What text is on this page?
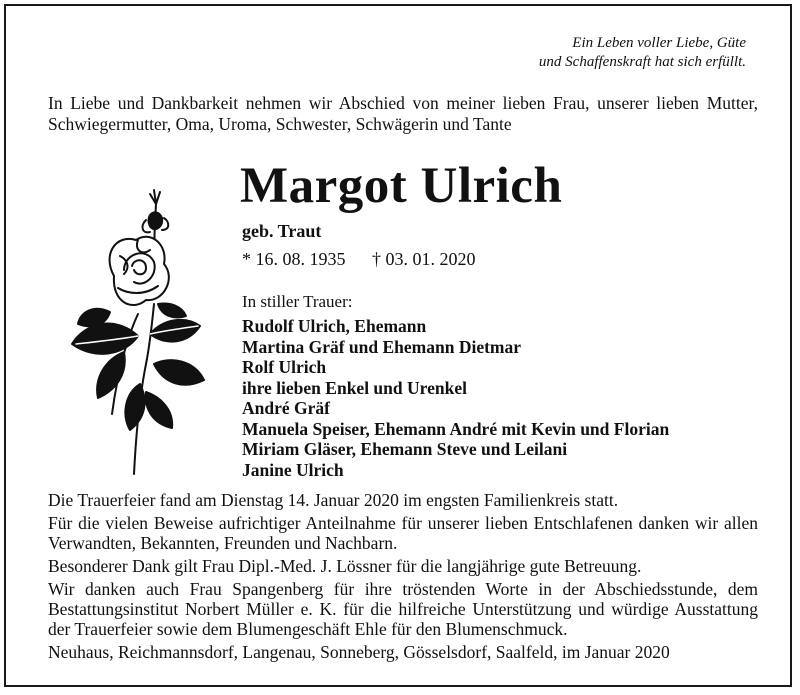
Ein Leben voller Liebe, Güte
und Schaffenskraft hat sich erfüllt.
In Liebe und Dankbarkeit nehmen wir Abschied von meiner lieben Frau, unserer lieben Mutter, Schwiegermutter, Oma, Uroma, Schwester, Schwägerin und Tante
Margot Ulrich
geb. Traut
* 16. 08. 1935 † 03. 01. 2020
In stiller Trauer:
Rudolf Ulrich, Ehemann
Martina Gräf und Ehemann Dietmar
Rolf Ulrich
ihre lieben Enkel und Urenkel
André Gräf
Manuela Speiser, Ehemann André mit Kevin und Florian
Miriam Gläser, Ehemann Steve und Leilani
Janine Ulrich

Die Trauerfeier fand am Dienstag 14. Januar 2020 im engsten Familienkreis statt.

Für die vielen Beweise aufrichtiger Anteilnahme für unserer lieben Entschlafenen danken wir allen Verwandten, Bekannten, Freunden und Nachbarn.

Besonderer Dank gilt Frau Dipl.-Med. J. Lössner für die langjährige gute Betreuung.

Wir danken auch Frau Spangenberg für ihre tröstenden Worte in der Abschiedsstunde, dem Bestattungsinstitut Norbert Müller e. K. für die hilfreiche Unterstützung und würdige Ausstattung der Trauerfeier sowie dem Blumengeschäft Ehle für den Blumenschmuck.

Neuhaus, Reichmannsdorf, Langenau, Sonneberg, Gösselsdorf, Saalfeld, im Januar 2020
